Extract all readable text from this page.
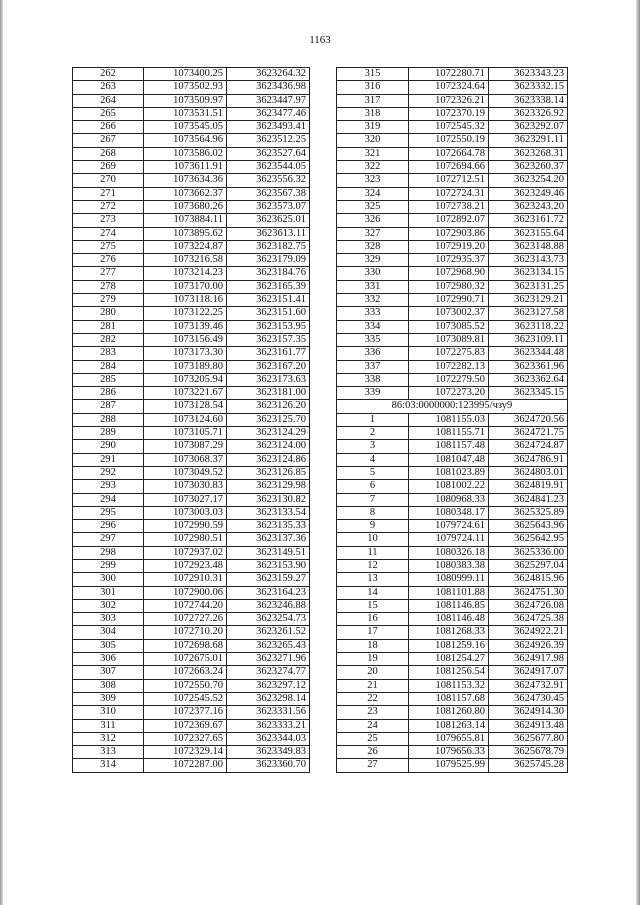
1163
262	1073400.25	3623264.32
263	1073502.93	3623436.98
264	1073509.97	3623447.97
265	1073531.51	3623477.46
266	1073545.05	3623493.41
267	1073564.96	3623512.25
268	1073586.02	3623527.64
269	1073611.91	3623544.05
270	1073634.36	3623556.32
271	1073662.37	3623567.38
272	1073680.26	3623573.07
273	1073884.11	3623625.01
274	1073895.62	3623613.11
275	1073224.87	3623182.75
276	1073216.58	3623179.09
277	1073214.23	3623184.76
278	1073170.00	3623165.39
279	1073118.16	3623151.41
280	1073122.25	3623151.60
281	1073139.46	3623153.95
282	1073156.49	3623157.35
283	1073173.30	3623161.77
284	1073189.80	3623167.20
285	1073205.94	3623173.63
286	1073221.67	3623181.00
287	1073128.54	3623126.20
288	1073124.60	3623125.70
289	1073105.71	3623124.29
290	1073087.29	3623124.00
291	1073068.37	3623124.86
292	1073049.52	3623126.85
293	1073030.83	3623129.98
294	1073027.17	3623130.82
295	1073003.03	3623133.54
296	1072990.59	3623135.33
297	1072980.51	3623137.36
298	1072937.02	3623149.51
299	1072923.48	3623153.90
300	1072910.31	3623159.27
301	1072900.06	3623164.23
302	1072744.20	3623246.88
303	1072727.26	3623254.73
304	1072710.20	3623261.52
305	1072698.68	3623265.43
306	1072675.01	3623271.96
307	1072663.24	3623274.77
308	1072550.70	3623297.12
309	1072545.52	3623298.14
310	1072377.16	3623331.56
311	1072369.67	3623333.21
312	1072327.65	3623344.03
313	1072329.14	3623349.83
314	1072287.00	3623360.70
315	1072280.71	3623343.23
316	1072324.64	3623332.15
317	1072326.21	3623338.14
318	1072370.19	3623326.92
319	1072545.32	3623292.07
320	1072550.19	3623291.11
321	1072664.78	3623268.31
322	1072694.66	3623260.37
323	1072712.51	3623254.20
324	1072724.31	3623249.46
325	1072738.21	3623243.20
326	1072892.07	3623161.72
327	1072903.86	3623155.64
328	1072919.20	3623148.88
329	1072935.37	3623143.73
330	1072968.90	3623134.15
331	1072980.32	3623131.25
332	1072990.71	3623129.21
333	1073002.37	3623127.58
334	1073085.52	3623118.22
335	1073089.81	3623109.11
336	1072275.83	3623344.48
337	1072282.13	3623361.96
338	1072279.50	3623362.64
339	1072273.20	3623345.15
86:03:0000000:123995/чзу9		
1	1081155.03	3624720.56
2	1081155.71	3624721.75
3	1081157.48	3624724.87
4	1081047.48	3624786.91
5	1081023.89	3624803.01
6	1081002.22	3624819.91
7	1080968.33	3624841.23
8	1080348.17	3625325.89
9	1079724.61	3625643.96
10	1079724.11	3625642.95
11	1080326.18	3625336.00
12	1080383.38	3625297.04
13	1080999.11	3624815.96
14	1081101.88	3624751.30
15	1081146.85	3624726.08
16	1081146.48	3624725.38
17	1081268.33	3624922.21
18	1081259.16	3624926.39
19	1081254.27	3624917.98
20	1081256.54	3624917.07
21	1081153.32	3624732.91
22	1081157.68	3624730.45
23	1081260.80	3624914.30
24	1081263.14	3624913.48
25	1079655.81	3625677.80
26	1079656.33	3625678.79
27	1079525.99	3625745.28
